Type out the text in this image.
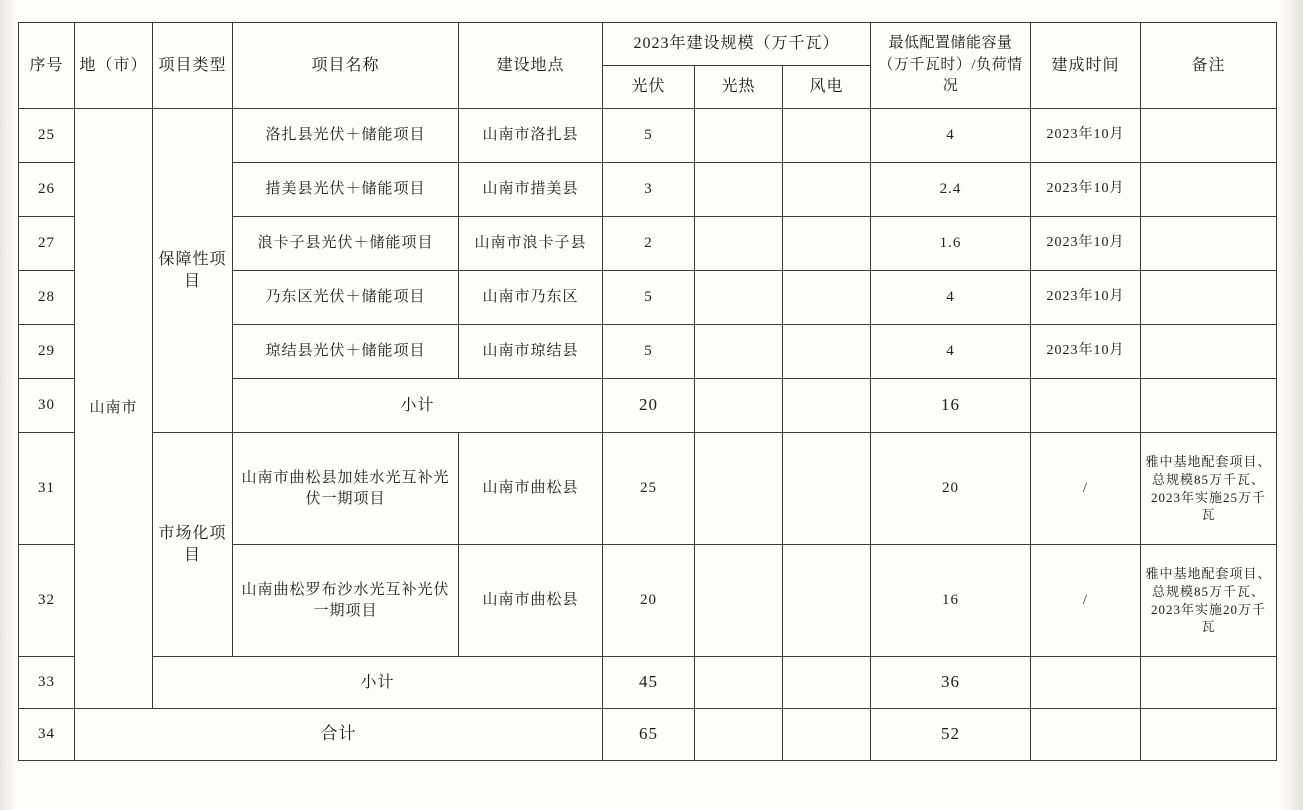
序号	地（市）	项目类型	项目名称	建设地点	2023年建设规模（万千瓦）			最低配置储能容量（万千瓦时）/负荷情况	建成时间	备注
					光伏	光热	风电			
25	山南市	保障性项目	洛扎县光伏＋储能项目	山南市洛扎县	5			4	2023年10月	
26			措美县光伏＋储能项目	山南市措美县	3			2.4	2023年10月	
27			浪卡子县光伏＋储能项目	山南市浪卡子县	2			1.6	2023年10月	
28			乃东区光伏＋储能项目	山南市乃东区	5			4	2023年10月	
29			琼结县光伏＋储能项目	山南市琼结县	5			4	2023年10月	
30			小计		20			16		
31		市场化项目	山南市曲松县加娃水光互补光伏一期项目	山南市曲松县	25			20	/	雅中基地配套项目、总规模85万千瓦、2023年实施25万千瓦
32			山南曲松罗布沙水光互补光伏一期项目	山南市曲松县	20			16	/	雅中基地配套项目、总规模85万千瓦、2023年实施20万千瓦
33		小计			45			36		
34	合计				65			52		
